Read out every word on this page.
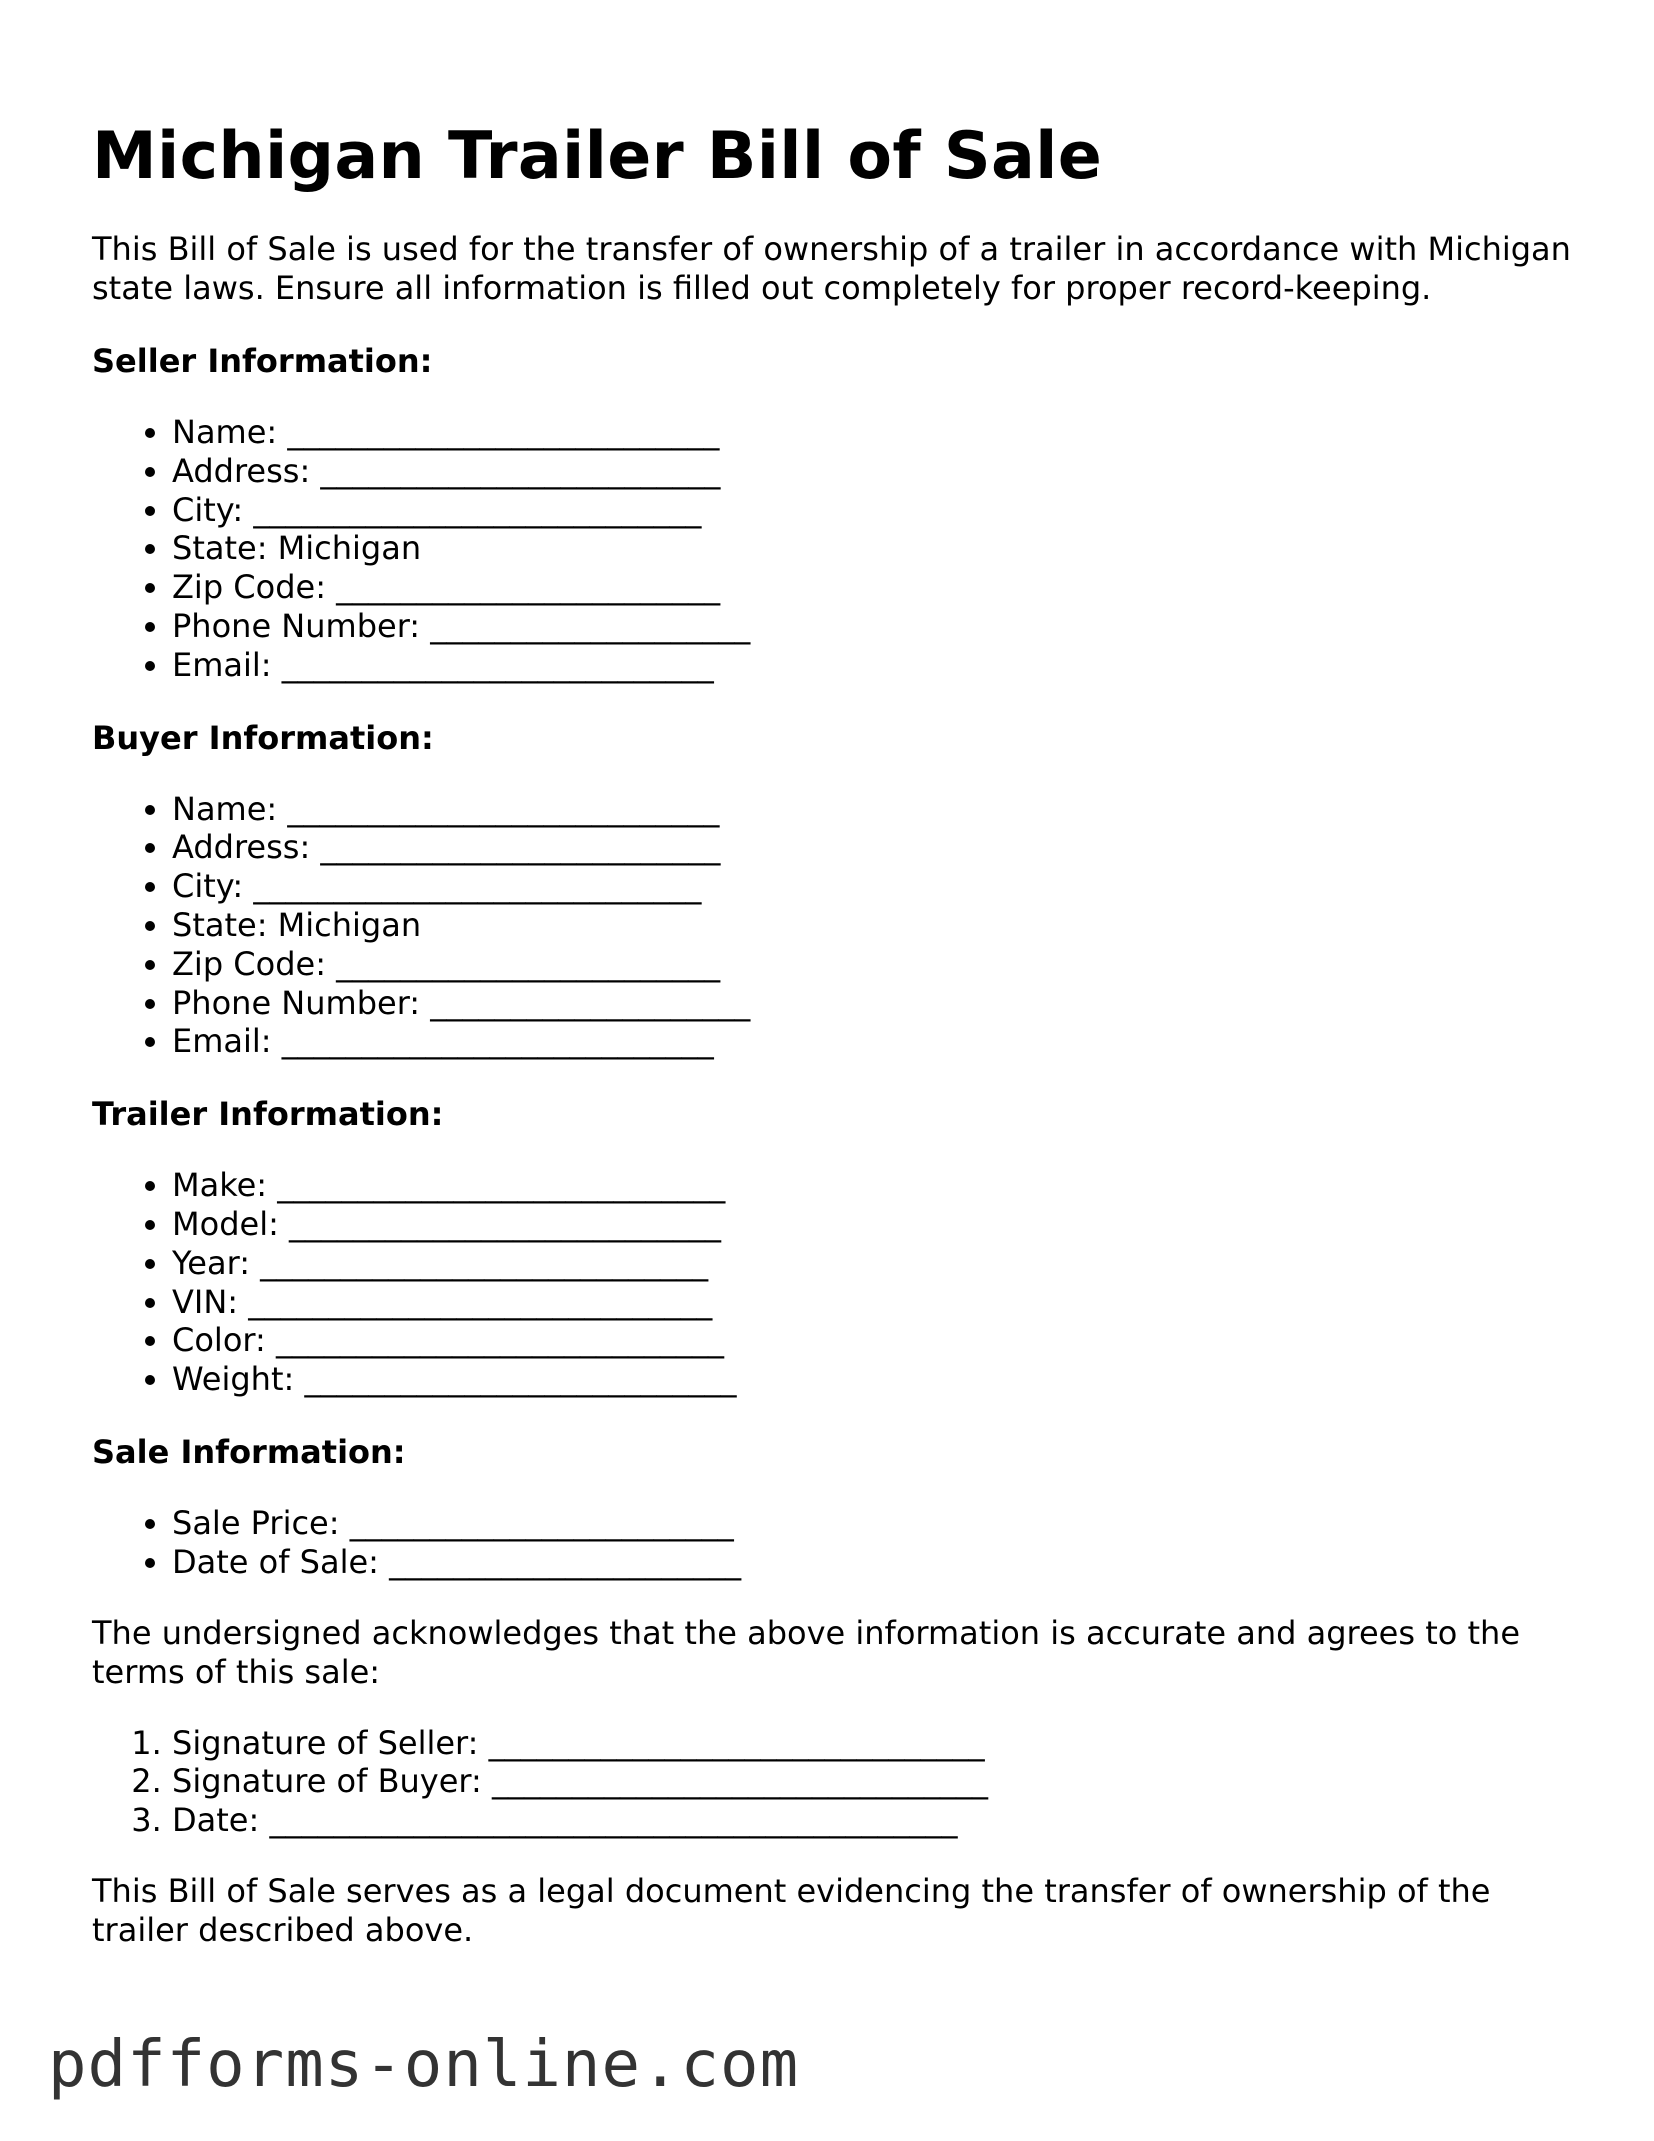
Michigan Trailer Bill of Sale

This Bill of Sale is used for the transfer of ownership of a trailer in accordance with Michigan state laws. Ensure all information is filled out completely for proper record-keeping.

Seller Information:
• Name: ___________________________
• Address: _________________________
• City: ____________________________
• State: Michigan
• Zip Code: ________________________
• Phone Number: ____________________
• Email: ___________________________
Buyer Information:
• Name: ___________________________
• Address: _________________________
• City: ____________________________
• State: Michigan
• Zip Code: ________________________
• Phone Number: ____________________
• Email: ___________________________
Trailer Information:
• Make: ____________________________
• Model: ___________________________
• Year: ____________________________
• VIN: _____________________________
• Color: ____________________________
• Weight: ___________________________
Sale Information:
• Sale Price: ________________________
• Date of Sale: ______________________

The undersigned acknowledges that the above information is accurate and agrees to the terms of this sale:

1. Signature of Seller: _______________________________
2. Signature of Buyer: _______________________________
3. Date: ___________________________________________

This Bill of Sale serves as a legal document evidencing the transfer of ownership of the trailer described above.

pdfforms-online.com
